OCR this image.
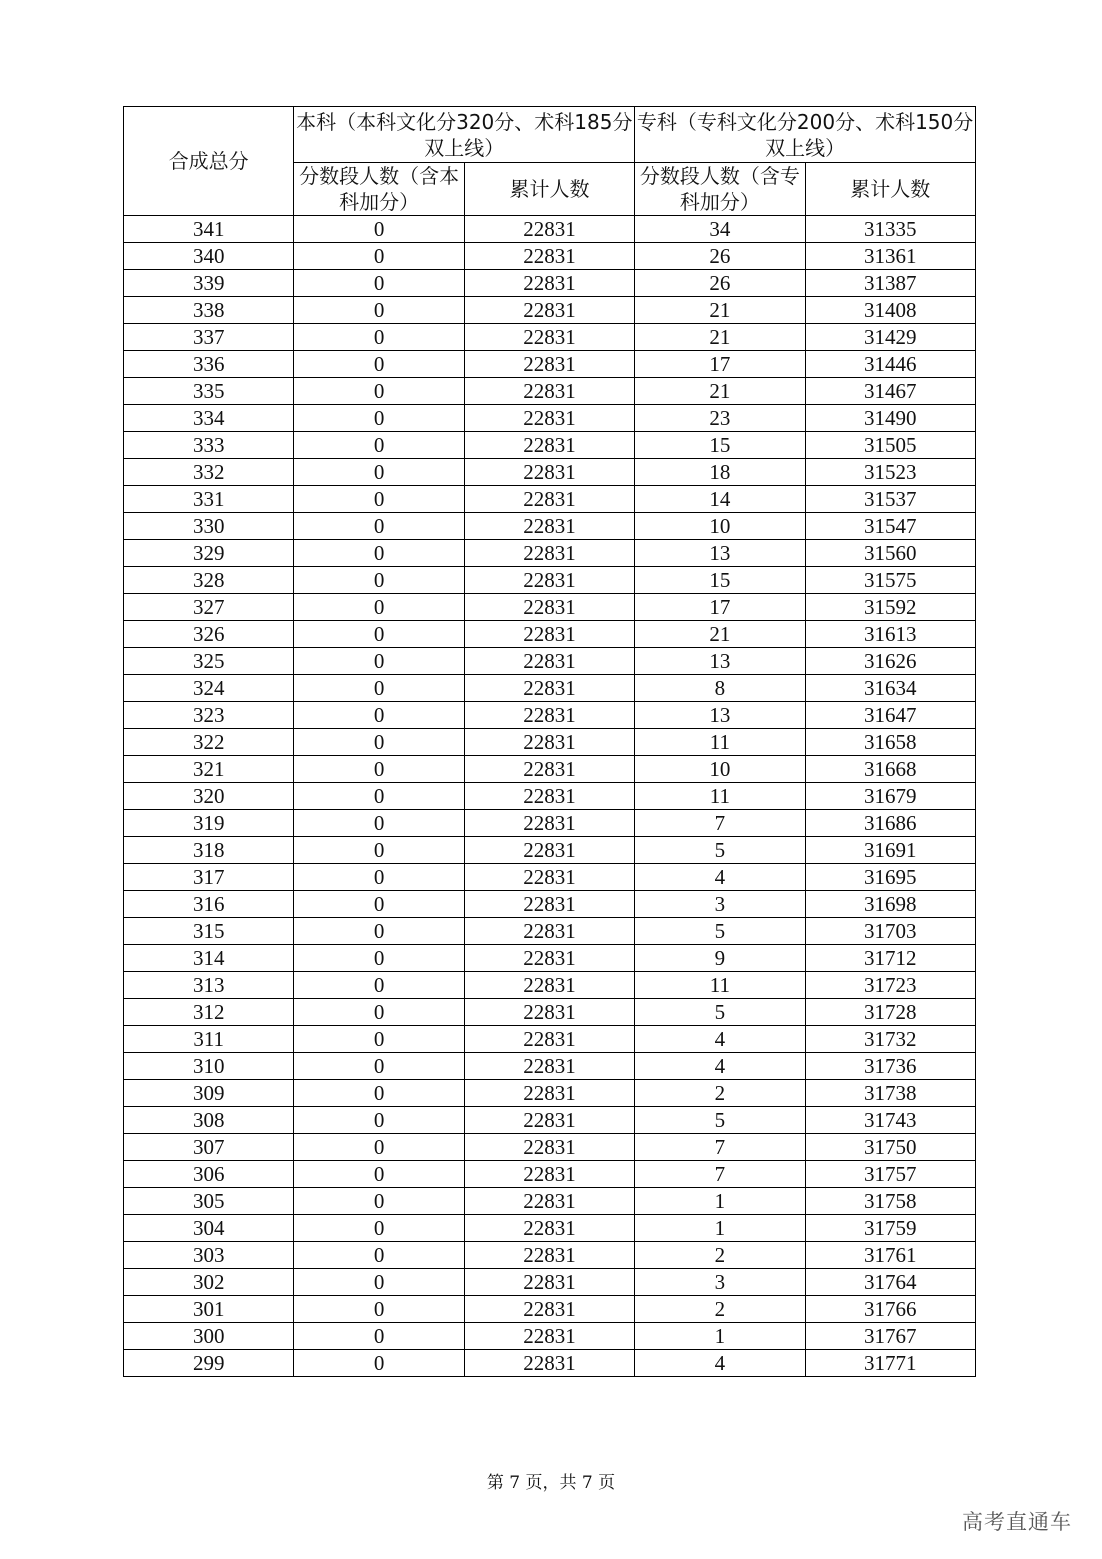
合成总分	本科（本科文化分320分、术科185分双上线）		专科（专科文化分200分、术科150分双上线）	
	分数段人数（含本科加分）	累计人数	分数段人数（含专科加分）	累计人数
341	0	22831	34	31335
340	0	22831	26	31361
339	0	22831	26	31387
338	0	22831	21	31408
337	0	22831	21	31429
336	0	22831	17	31446
335	0	22831	21	31467
334	0	22831	23	31490
333	0	22831	15	31505
332	0	22831	18	31523
331	0	22831	14	31537
330	0	22831	10	31547
329	0	22831	13	31560
328	0	22831	15	31575
327	0	22831	17	31592
326	0	22831	21	31613
325	0	22831	13	31626
324	0	22831	8	31634
323	0	22831	13	31647
322	0	22831	11	31658
321	0	22831	10	31668
320	0	22831	11	31679
319	0	22831	7	31686
318	0	22831	5	31691
317	0	22831	4	31695
316	0	22831	3	31698
315	0	22831	5	31703
314	0	22831	9	31712
313	0	22831	11	31723
312	0	22831	5	31728
311	0	22831	4	31732
310	0	22831	4	31736
309	0	22831	2	31738
308	0	22831	5	31743
307	0	22831	7	31750
306	0	22831	7	31757
305	0	22831	1	31758
304	0	22831	1	31759
303	0	22831	2	31761
302	0	22831	3	31764
301	0	22831	2	31766
300	0	22831	1	31767
299	0	22831	4	31771
第 7 页，共 7 页
高考直通车
